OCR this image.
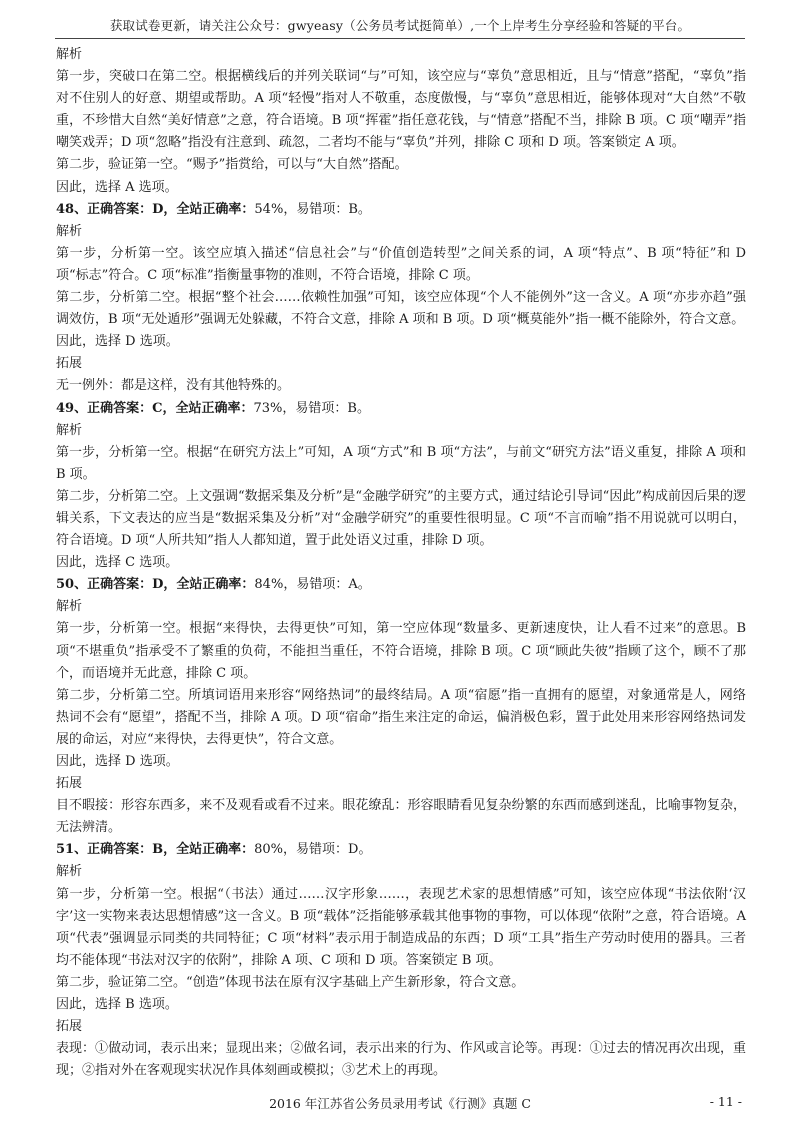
获取试卷更新，请关注公众号：gwyeasy（公务员考试挺简单）,一个上岸考生分享经验和答疑的平台。

解析

第一步，突破口在第二空。根据横线后的并列关联词“与”可知，该空应与“辜负”意思相近，且与“情意”搭配，“辜负”指对不住别人的好意、期望或帮助。A 项“轻慢”指对人不敬重，态度傲慢，与“辜负”意思相近，能够体现对“大自然”不敬重，不珍惜大自然“美好情意”之意，符合语境。B 项“挥霍”指任意花钱，与“情意”搭配不当，排除 B 项。C 项“嘲弄”指嘲笑戏弄；D 项“忽略”指没有注意到、疏忽，二者均不能与“辜负”并列，排除 C 项和 D 项。答案锁定 A 项。

第二步，验证第一空。“赐予”指赏给，可以与“大自然”搭配。

因此，选择 A 选项。

48、正确答案：D，全站正确率：54%，易错项：B。

解析

第一步，分析第一空。该空应填入描述“信息社会”与“价值创造转型”之间关系的词，A 项“特点”、B 项“特征”和 D 项“标志”符合。C 项“标准”指衡量事物的准则，不符合语境，排除 C 项。

第二步，分析第二空。根据“整个社会……依赖性加强”可知，该空应体现“个人不能例外”这一含义。A 项“亦步亦趋”强调效仿，B 项“无处遁形”强调无处躲藏，不符合文意，排除 A 项和 B 项。D 项“概莫能外”指一概不能除外，符合文意。

因此，选择 D 选项。

拓展

无一例外：都是这样，没有其他特殊的。

49、正确答案：C，全站正确率：73%，易错项：B。

解析

第一步，分析第一空。根据“在研究方法上”可知，A 项“方式”和 B 项“方法”，与前文“研究方法”语义重复，排除 A 项和 B 项。

第二步，分析第二空。上文强调“数据采集及分析”是“金融学研究”的主要方式，通过结论引导词“因此”构成前因后果的逻辑关系，下文表达的应当是“数据采集及分析”对“金融学研究”的重要性很明显。C 项“不言而喻”指不用说就可以明白，符合语境。D 项“人所共知”指人人都知道，置于此处语义过重，排除 D 项。

因此，选择 C 选项。

50、正确答案：D，全站正确率：84%，易错项：A。

解析

第一步，分析第一空。根据“来得快，去得更快”可知，第一空应体现“数量多、更新速度快，让人看不过来”的意思。B 项“不堪重负”指承受不了繁重的负荷，不能担当重任，不符合语境，排除 B 项。C 项“顾此失彼”指顾了这个，顾不了那个，而语境并无此意，排除 C 项。

第二步，分析第二空。所填词语用来形容“网络热词”的最终结局。A 项“宿愿”指一直拥有的愿望，对象通常是人，网络热词不会有“愿望”，搭配不当，排除 A 项。D 项“宿命”指生来注定的命运，偏消极色彩，置于此处用来形容网络热词发展的命运，对应“来得快，去得更快”，符合文意。

因此，选择 D 选项。

拓展

目不暇接：形容东西多，来不及观看或看不过来。眼花缭乱：形容眼睛看见复杂纷繁的东西而感到迷乱，比喻事物复杂，无法辨清。

51、正确答案：B，全站正确率：80%，易错项：D。

解析

第一步，分析第一空。根据“（书法）通过……汉字形象……，表现艺术家的思想情感”可知，该空应体现“书法依附‘汉字’这一实物来表达思想情感”这一含义。B 项“载体”泛指能够承载其他事物的事物，可以体现“依附”之意，符合语境。A 项“代表”强调显示同类的共同特征；C 项“材料”表示用于制造成品的东西；D 项“工具”指生产劳动时使用的器具。三者均不能体现“书法对汉字的依附”，排除 A 项、C 项和 D 项。答案锁定 B 项。

第二步，验证第二空。“创造”体现书法在原有汉字基础上产生新形象，符合文意。

因此，选择 B 选项。

拓展

表现：①做动词，表示出来；显现出来；②做名词，表示出来的行为、作风或言论等。再现：①过去的情况再次出现，重现；②指对外在客观现实状况作具体刻画或模拟；③艺术上的再现。

2016 年江苏省公务员录用考试《行测》真题 C	- 11 -
